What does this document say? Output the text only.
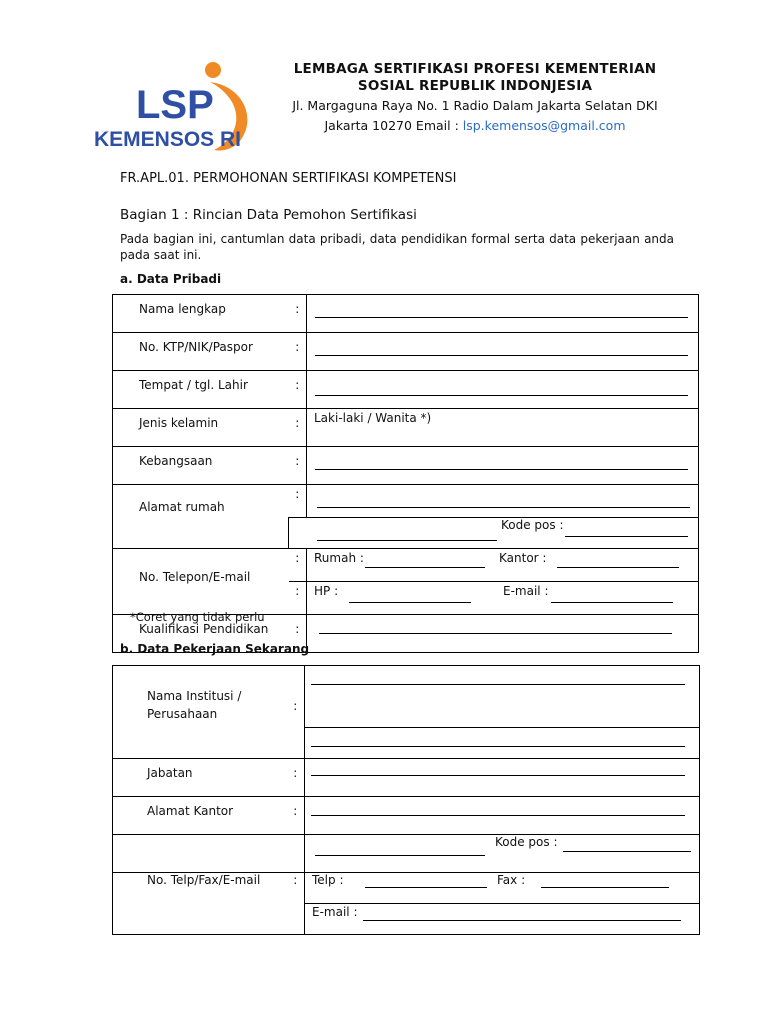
LSP
KEMENSOS RI
LEMBAGA SERTIFIKASI PROFESI KEMENTERIAN
SOSIAL REPUBLIK INDONJESIA
Jl. Margaguna Raya No. 1 Radio Dalam Jakarta Selatan DKI
Jakarta 10270 Email : lsp.kemensos@gmail.com
FR.APL.01. PERMOHONAN SERTIFIKASI KOMPETENSI
Bagian 1 : Rincian Data Pemohon Sertifikasi
Pada bagian ini, cantumlan data pribadi, data pendidikan formal serta data pekerjaan anda pada saat ini.
a. Data Pribadi
Nama lengkap	:	

No. KTP/NIK/Paspor	:	

Tempat / tgl. Lahir	:	

Jenis kelamin	:	Laki-laki / Wanita *)

Kebangsaan	:	

Alamat rumah	:	

	Kode pos :	

No. Telepon/E-mail	:	Rumah : Kantor :

	:	HP : E-mail :

Kualifikasi Pendidikan	:	
*Coret yang tidak perlu
b. Data Pekerjaan Sekarang
Nama Institusi /
Perusahaan	:	

Jabatan	:	

Alamat Kantor	:	

		Kode pos :

No. Telp/Fax/E-mail	:	Telp : Fax :

		E-mail :
